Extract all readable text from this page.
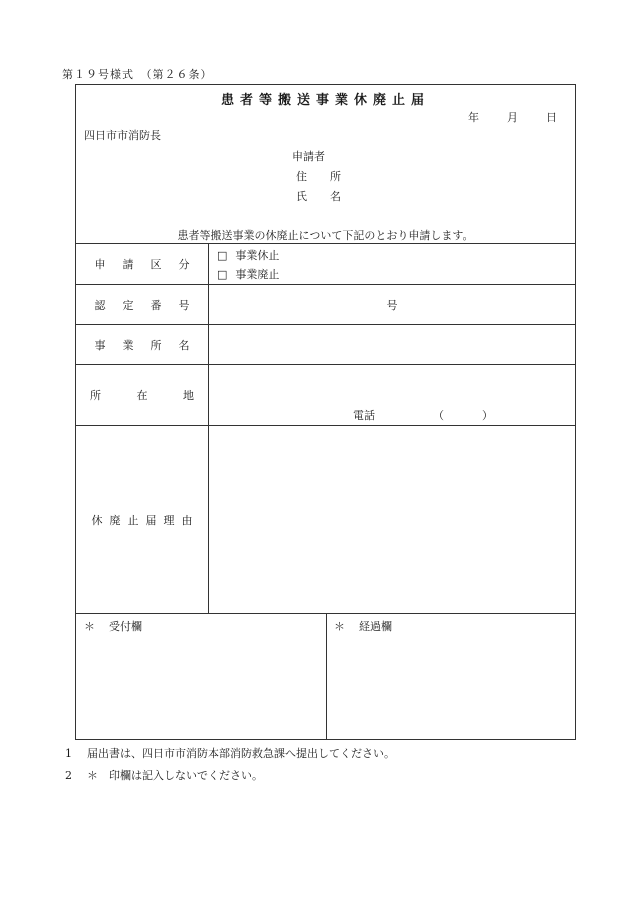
第１９号様式　（第２６条）
患者等搬送事業休廃止届
年	月	日
四日市市消防長
申請者
住　所
氏　名
患者等搬送事業の休廃止について下記のとおり申請します。
申 請 区 分
□ 事業休止
□ 事業廃止
認 定 番 号	号
事 業 所 名
所	在	地
電話	（	）
休 廃 止 届 理 由
＊ 受付欄	＊ 経過欄
1 届出書は、四日市市消防本部消防救急課へ提出してください。
2 ＊　印欄は記入しないでください。
